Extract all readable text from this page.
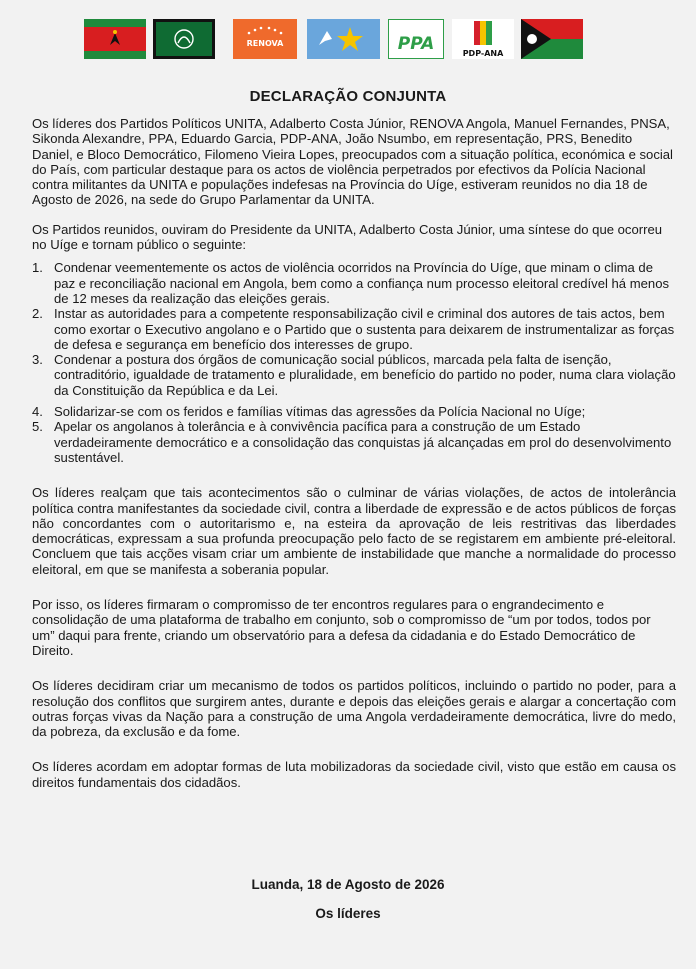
RENOVA	PPA	PDP-ANA
DECLARAÇÃO CONJUNTA

Os líderes dos Partidos Políticos UNITA, Adalberto Costa Júnior, RENOVA Angola, Manuel Fernandes, PNSA, Sikonda Alexandre, PPA, Eduardo Garcia, PDP-ANA, João Nsumbo, em representação, PRS, Benedito Daniel, e Bloco Democrático, Filomeno Vieira Lopes, preocupados com a situação política, económica e social do País, com particular destaque para os actos de violência perpetrados por efectivos da Polícia Nacional contra militantes da UNITA e populações indefesas na Província do Uíge, estiveram reunidos no dia 18 de Agosto de 2026, na sede do Grupo Parlamentar da UNITA.

Os Partidos reunidos, ouviram do Presidente da UNITA, Adalberto Costa Júnior, uma síntese do que ocorreu no Uíge e tornam público o seguinte:

1. Condenar veementemente os actos de violência ocorridos na Província do Uíge, que minam o clima de paz e reconciliação nacional em Angola, bem como a confiança num processo eleitoral credível há menos de 12 meses da realização das eleições gerais.
2. Instar as autoridades para a competente responsabilização civil e criminal dos autores de tais actos, bem como exortar o Executivo angolano e o Partido que o sustenta para deixarem de instrumentalizar as forças de defesa e segurança em benefício dos interesses de grupo.
3. Condenar a postura dos órgãos de comunicação social públicos, marcada pela falta de isenção, contraditório, igualdade de tratamento e pluralidade, em benefício do partido no poder, numa clara violação da Constituição da República e da Lei.
4. Solidarizar-se com os feridos e famílias vítimas das agressões da Polícia Nacional no Uíge;
5. Apelar os angolanos à tolerância e à convivência pacífica para a construção de um Estado verdadeiramente democrático e a consolidação das conquistas já alcançadas em prol do desenvolvimento sustentável.

Os líderes realçam que tais acontecimentos são o culminar de várias violações, de actos de intolerância política contra manifestantes da sociedade civil, contra a liberdade de expressão e de actos públicos de forças não concordantes com o autoritarismo e, na esteira da aprovação de leis restritivas das liberdades democráticas, expressam a sua profunda preocupação pelo facto de se registarem em ambiente pré-eleitoral. Concluem que tais acções visam criar um ambiente de instabilidade que manche a normalidade do processo eleitoral, em que se manifesta a soberania popular.

Por isso, os líderes firmaram o compromisso de ter encontros regulares para o engrandecimento e consolidação de uma plataforma de trabalho em conjunto, sob o compromisso de “um por todos, todos por um” daqui para frente, criando um observatório para a defesa da cidadania e do Estado Democrático de Direito.

Os líderes decidiram criar um mecanismo de todos os partidos políticos, incluindo o partido no poder, para a resolução dos conflitos que surgirem antes, durante e depois das eleições gerais e alargar a concertação com outras forças vivas da Nação para a construção de uma Angola verdadeiramente democrática, livre do medo, da pobreza, da exclusão e da fome.

Os líderes acordam em adoptar formas de luta mobilizadoras da sociedade civil, visto que estão em causa os direitos fundamentais dos cidadãos.

Luanda, 18 de Agosto de 2026
Os líderes
